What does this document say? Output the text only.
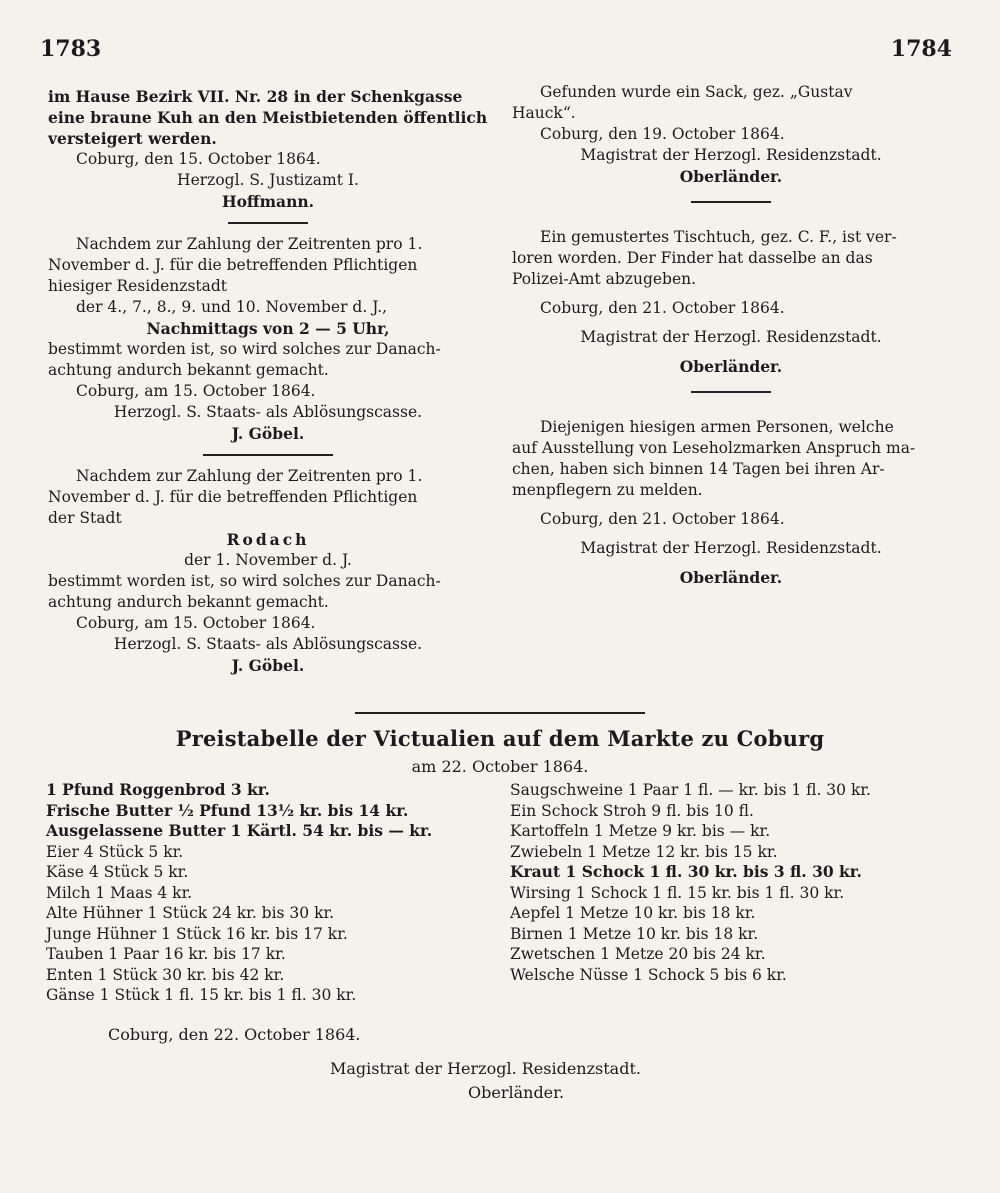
1783	1784
im Hause Bezirk VII. Nr. 28 in der Schenkgasse
eine braune Kuh an den Meistbietenden öffentlich
versteigert werden.
Coburg, den 15. October 1864.
Herzogl. S. Justizamt I.
Hoffmann.
Nachdem zur Zahlung der Zeitrenten pro 1.
November d. J. für die betreffenden Pflichtigen
hiesiger Residenzstadt
der 4., 7., 8., 9. und 10. November d. J.,
Nachmittags von 2 — 5 Uhr,
bestimmt worden ist, so wird solches zur Danach-
achtung andurch bekannt gemacht.
Coburg, am 15. October 1864.
Herzogl. S. Staats- als Ablösungscasse.
J. Göbel.
Nachdem zur Zahlung der Zeitrenten pro 1.
November d. J. für die betreffenden Pflichtigen
der Stadt
Rodach
der 1. November d. J.
bestimmt worden ist, so wird solches zur Danach-
achtung andurch bekannt gemacht.
Coburg, am 15. October 1864.
Herzogl. S. Staats- als Ablösungscasse.
J. Göbel.
Gefunden wurde ein Sack, gez. „Gustav
Hauck“.
Coburg, den 19. October 1864.
Magistrat der Herzogl. Residenzstadt.
Oberländer.
Ein gemustertes Tischtuch, gez. C. F., ist ver-
loren worden. Der Finder hat dasselbe an das
Polizei-Amt abzugeben.
Coburg, den 21. October 1864.
Magistrat der Herzogl. Residenzstadt.
Oberländer.
Diejenigen hiesigen armen Personen, welche
auf Ausstellung von Leseholzmarken Anspruch ma-
chen, haben sich binnen 14 Tagen bei ihren Ar-
menpflegern zu melden.
Coburg, den 21. October 1864.
Magistrat der Herzogl. Residenzstadt.
Oberländer.
Preistabelle der Victualien auf dem Markte zu Coburg
am 22. October 1864.
1 Pfund Roggenbrod 3 kr.
Frische Butter ½ Pfund 13½ kr. bis 14 kr.
Ausgelassene Butter 1 Kärtl. 54 kr. bis — kr.
Eier 4 Stück 5 kr.
Käse 4 Stück 5 kr.
Milch 1 Maas 4 kr.
Alte Hühner 1 Stück 24 kr. bis 30 kr.
Junge Hühner 1 Stück 16 kr. bis 17 kr.
Tauben 1 Paar 16 kr. bis 17 kr.
Enten 1 Stück 30 kr. bis 42 kr.
Gänse 1 Stück 1 fl. 15 kr. bis 1 fl. 30 kr.
Saugschweine 1 Paar 1 fl. — kr. bis 1 fl. 30 kr.
Ein Schock Stroh 9 fl. bis 10 fl.
Kartoffeln 1 Metze 9 kr. bis — kr.
Zwiebeln 1 Metze 12 kr. bis 15 kr.
Kraut 1 Schock 1 fl. 30 kr. bis 3 fl. 30 kr.
Wirsing 1 Schock 1 fl. 15 kr. bis 1 fl. 30 kr.
Aepfel 1 Metze 10 kr. bis 18 kr.
Birnen 1 Metze 10 kr. bis 18 kr.
Zwetschen 1 Metze 20 bis 24 kr.
Welsche Nüsse 1 Schock 5 bis 6 kr.
Coburg, den 22. October 1864.
Magistrat der Herzogl. Residenzstadt.
Oberländer.
